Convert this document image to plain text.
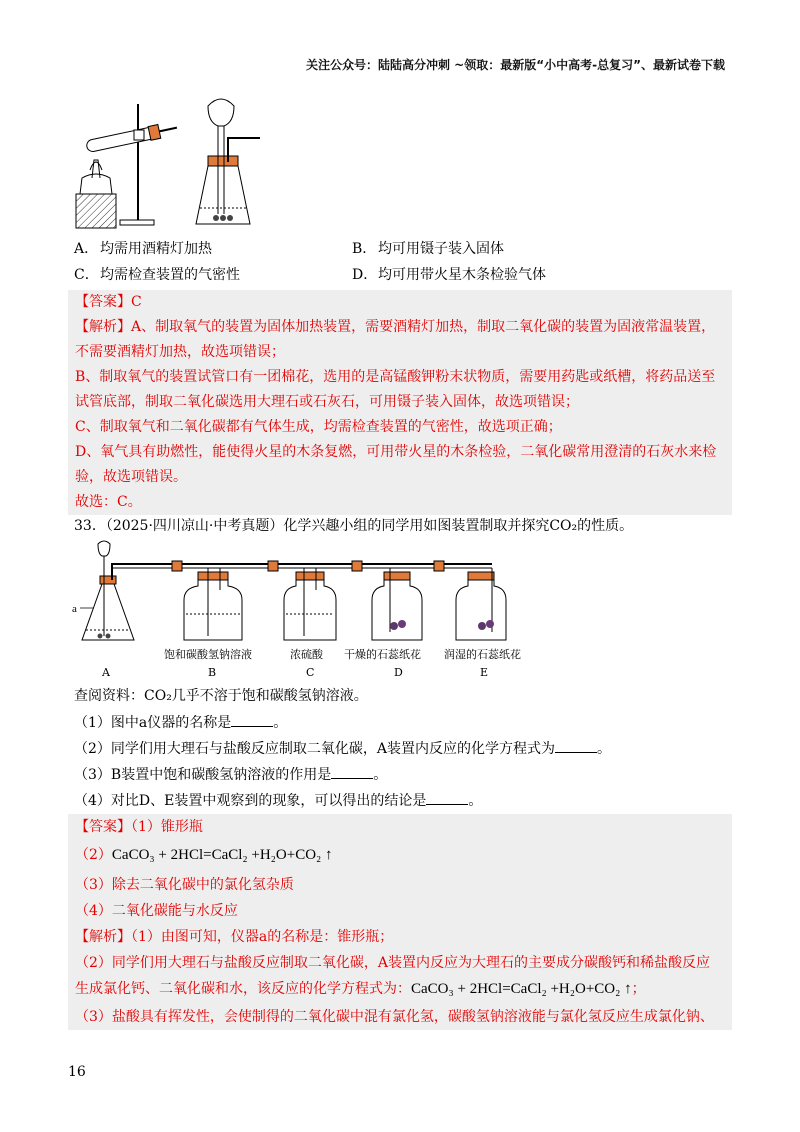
关注公众号：陆陆高分冲刺 ~领取：最新版“小中高考-总复习”、最新试卷下载
A． 均需用酒精灯加热	B． 均可用镊子装入固体
C． 均需检查装置的气密性	D． 均可用带火星木条检验气体
【答案】C
【解析】A、制取氧气的装置为固体加热装置，需要酒精灯加热，制取二氧化碳的装置为固液常温装置，
不需要酒精灯加热，故选项错误；
B、制取氧气的装置试管口有一团棉花，选用的是高锰酸钾粉末状物质，需要用药匙或纸槽，将药品送至
试管底部，制取二氧化碳选用大理石或石灰石，可用镊子装入固体，故选项错误；
C、制取氧气和二氧化碳都有气体生成，均需检查装置的气密性，故选项正确；
D、氧气具有助燃性，能使得火星的木条复燃，可用带火星的木条检验，二氧化碳常用澄清的石灰水来检
验，故选项错误。
故选：C。
33．（2025·四川凉山·中考真题）化学兴趣小组的同学用如图装置制取并探究CO₂的性质。
a
饱和碳酸氢钠溶液	浓硫酸 干燥的石蕊纸花 润湿的石蕊纸花
A	B	C	D	E
查阅资料：CO₂几乎不溶于饱和碳酸氢钠溶液。
（1）图中a仪器的名称是	。
（2）同学们用大理石与盐酸反应制取二氧化碳，A装置内反应的化学方程式为	。
（3）B装置中饱和碳酸氢钠溶液的作用是	。
（4）对比D、E装置中观察到的现象，可以得出的结论是	。
【答案】（1）锥形瓶
（2）CaCO₃ + 2HCl=CaCl₂ +H₂O+CO₂ ↑
（3）除去二氧化碳中的氯化氢杂质
（4）二氧化碳能与水反应
【解析】（1）由图可知，仪器a的名称是：锥形瓶；
（2）同学们用大理石与盐酸反应制取二氧化碳，A装置内反应为大理石的主要成分碳酸钙和稀盐酸反应
生成氯化钙、二氧化碳和水，该反应的化学方程式为：CaCO₃ + 2HCl=CaCl₂ +H₂O+CO₂ ↑；
（3）盐酸具有挥发性，会使制得的二氧化碳中混有氯化氢，碳酸氢钠溶液能与氯化氢反应生成氯化钠、
16
